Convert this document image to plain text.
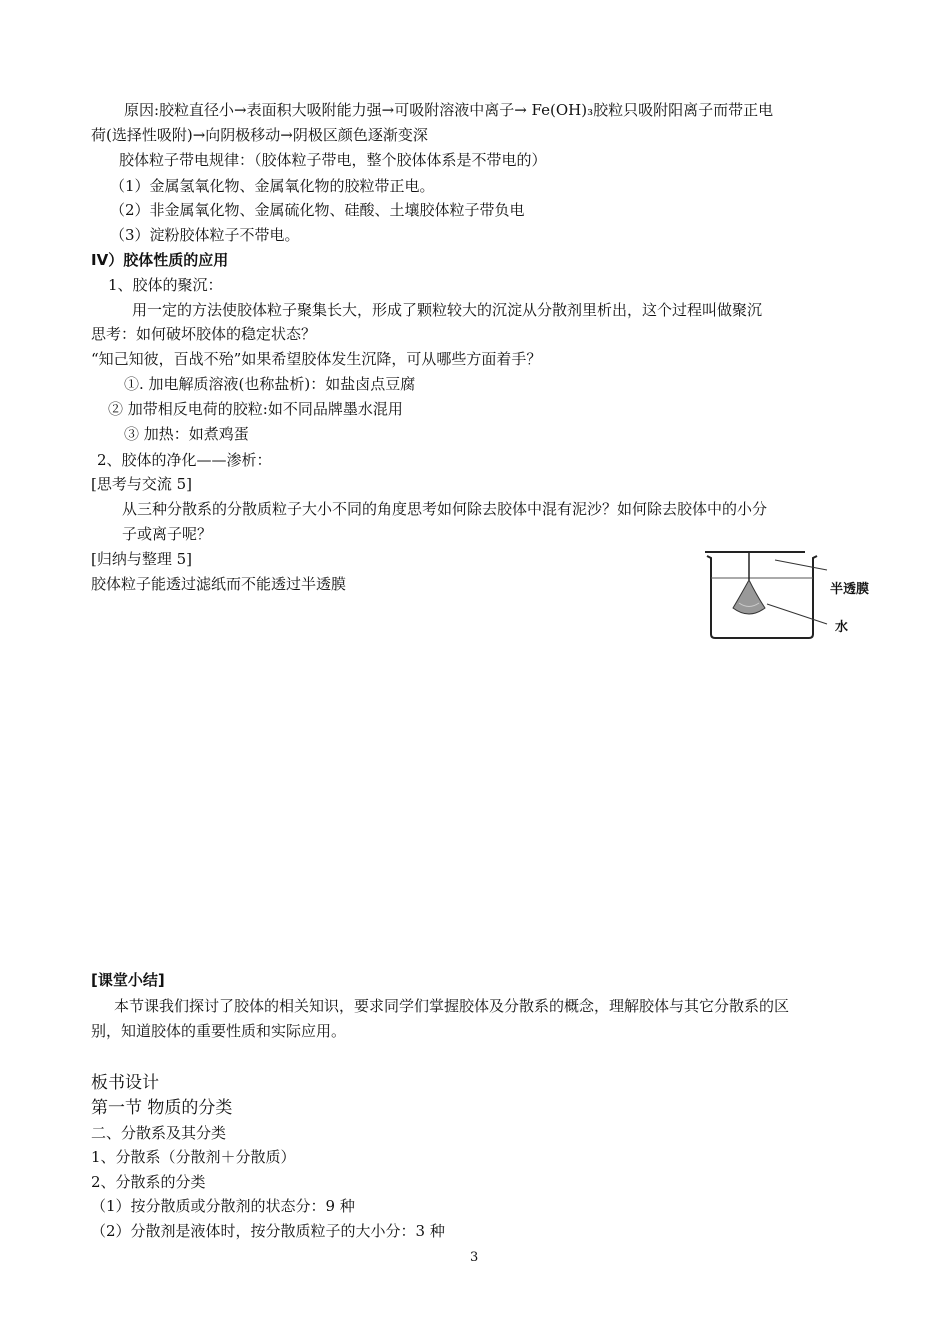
原因:胶粒直径小→表面积大吸附能力强→可吸附溶液中离子→ Fe(OH)₃胶粒只吸附阳离子而带正电
荷(选择性吸附)→向阴极移动→阴极区颜色逐渐变深
胶体粒子带电规律：（胶体粒子带电，整个胶体体系是不带电的）
（1）金属氢氧化物、金属氧化物的胶粒带正电。
（2）非金属氧化物、金属硫化物、硅酸、土壤胶体粒子带负电
（3）淀粉胶体粒子不带电。
IV）胶体性质的应用
1、胶体的聚沉：
用一定的方法使胶体粒子聚集长大，形成了颗粒较大的沉淀从分散剂里析出，这个过程叫做聚沉
思考：如何破坏胶体的稳定状态？
“知己知彼，百战不殆”如果希望胶体发生沉降，可从哪些方面着手？
①. 加电解质溶液(也称盐析)：如盐卤点豆腐
② 加带相反电荷的胶粒:如不同品牌墨水混用
③ 加热：如煮鸡蛋
2、胶体的净化——渗析：
[思考与交流 5]
从三种分散系的分散质粒子大小不同的角度思考如何除去胶体中混有泥沙？如何除去胶体中的小分
子或离子呢？
[归纳与整理 5]
胶体粒子能透过滤纸而不能透过半透膜	半透膜
水
[课堂小结]
本节课我们探讨了胶体的相关知识，要求同学们掌握胶体及分散系的概念，理解胶体与其它分散系的区
别，知道胶体的重要性质和实际应用。
板书设计
第一节 物质的分类
二、分散系及其分类
1、分散系（分散剂＋分散质）
2、分散系的分类
（1）按分散质或分散剂的状态分：9 种
（2）分散剂是液体时，按分散质粒子的大小分：3 种
3
